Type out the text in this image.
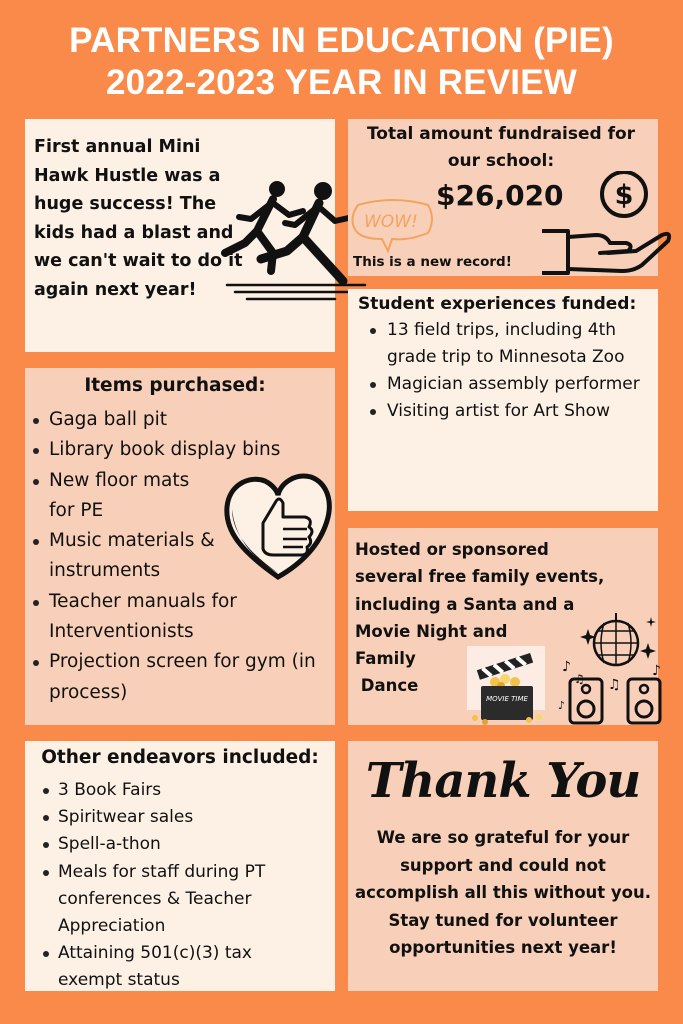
PARTNERS IN EDUCATION (PIE)
2022-2023 YEAR IN REVIEW
First annual Mini Hawk Hustle was a huge success! The kids had a blast and we can't wait to do it again next year!
Total amount fundraised for our school:
$26,020
WOW!
This is a new record!
$
Student experiences funded:
13 field trips, including 4th grade trip to Minnesota Zoo
Magician assembly performer
Visiting artist for Art Show
Items purchased:
Gaga ball pit
Library book display bins
New floor mats for PE
Music materials & instruments
Teacher manuals for Interventionists
Projection screen for gym (in process)
Hosted or sponsored
several free family events,
including a Santa and a
Movie Night and
Family
Dance
MOVIE TIME
♪
♫ ♫
♪
♪
Other endeavors included:
3 Book Fairs
Spiritwear sales
Spell-a-thon
Meals for staff during PT conferences & Teacher Appreciation
Attaining 501(c)(3) tax exempt status
Thank You
We are so grateful for your support and could not accomplish all this without you. Stay tuned for volunteer opportunities next year!
